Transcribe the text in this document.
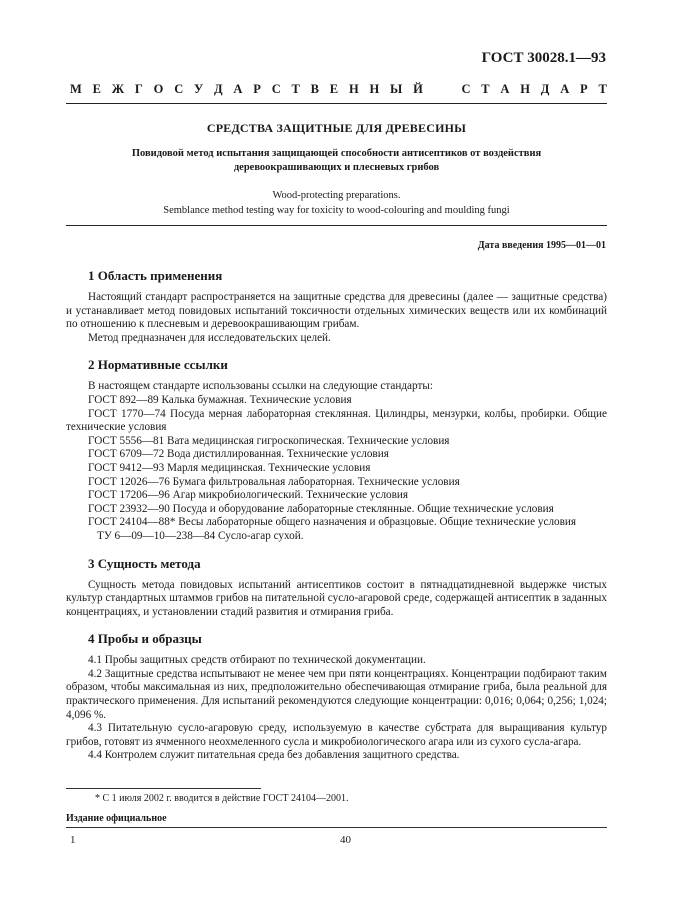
ГОСТ 30028.1—93
М Е Ж Г О С У Д А Р С Т В Е Н Н Ы Й

	С Т А Н Д А Р Т
СРЕДСТВА ЗАЩИТНЫЕ ДЛЯ ДРЕВЕСИНЫ
Повидовой метод испытания защищающей способности антисептиков от воздействия
деревоокрашивающих и плесневых грибов
Wood-protecting preparations.
Semblance method testing way for toxicity to wood-colouring and moulding fungi
Дата введения 1995—01—01
1 Область применения

Настоящий стандарт распространяется на защитные средства для древесины (далее — защитные средства) и устанавливает метод повидовых испытаний токсичности отдельных химических веществ или их комбинаций по отношению к плесневым и деревоокрашивающим грибам.

Метод предназначен для исследовательских целей.

2 Нормативные ссылки

В настоящем стандарте использованы ссылки на следующие стандарты:

ГОСТ 892—89 Калька бумажная. Технические условия

ГОСТ 1770—74 Посуда мерная лабораторная стеклянная. Цилиндры, мензурки, колбы, пробирки. Общие технические условия

ГОСТ 5556—81 Вата медицинская гигроскопическая. Технические условия

ГОСТ 6709—72 Вода дистиллированная. Технические условия

ГОСТ 9412—93 Марля медицинская. Технические условия

ГОСТ 12026—76 Бумага фильтровальная лабораторная. Технические условия

ГОСТ 17206—96 Агар микробиологический. Технические условия

ГОСТ 23932—90 Посуда и оборудование лабораторные стеклянные. Общие технические условия

ГОСТ 24104—88* Весы лабораторные общего назначения и образцовые. Общие технические условия

ТУ 6—09—10—238—84 Сусло-агар сухой.

3 Сущность метода

Сущность метода повидовых испытаний антисептиков состоит в пятнадцатидневной выдержке чистых культур стандартных штаммов грибов на питательной сусло-агаровой среде, содержащей антисептик в заданных концентрациях, и установлении стадий развития и отмирания гриба.

4 Пробы и образцы

4.1 Пробы защитных средств отбирают по технической документации.

4.2 Защитные средства испытывают не менее чем при пяти концентрациях. Концентрации подбирают таким образом, чтобы максимальная из них, предположительно обеспечивающая отмирание гриба, была реальной для практического применения. Для испытаний рекомендуются следующие концентрации: 0,016; 0,064; 0,256; 1,024; 4,096 %.

4.3 Питательную сусло-агаровую среду, используемую в качестве субстрата для выращивания культур грибов, готовят из ячменного неохмеленного сусла и микробиологического агара или из сухого сусла-агара.

4.4 Контролем служит питательная среда без добавления защитного средства.

* С 1 июля 2002 г. вводится в действие ГОСТ 24104—2001.
Издание официальное
1	40
